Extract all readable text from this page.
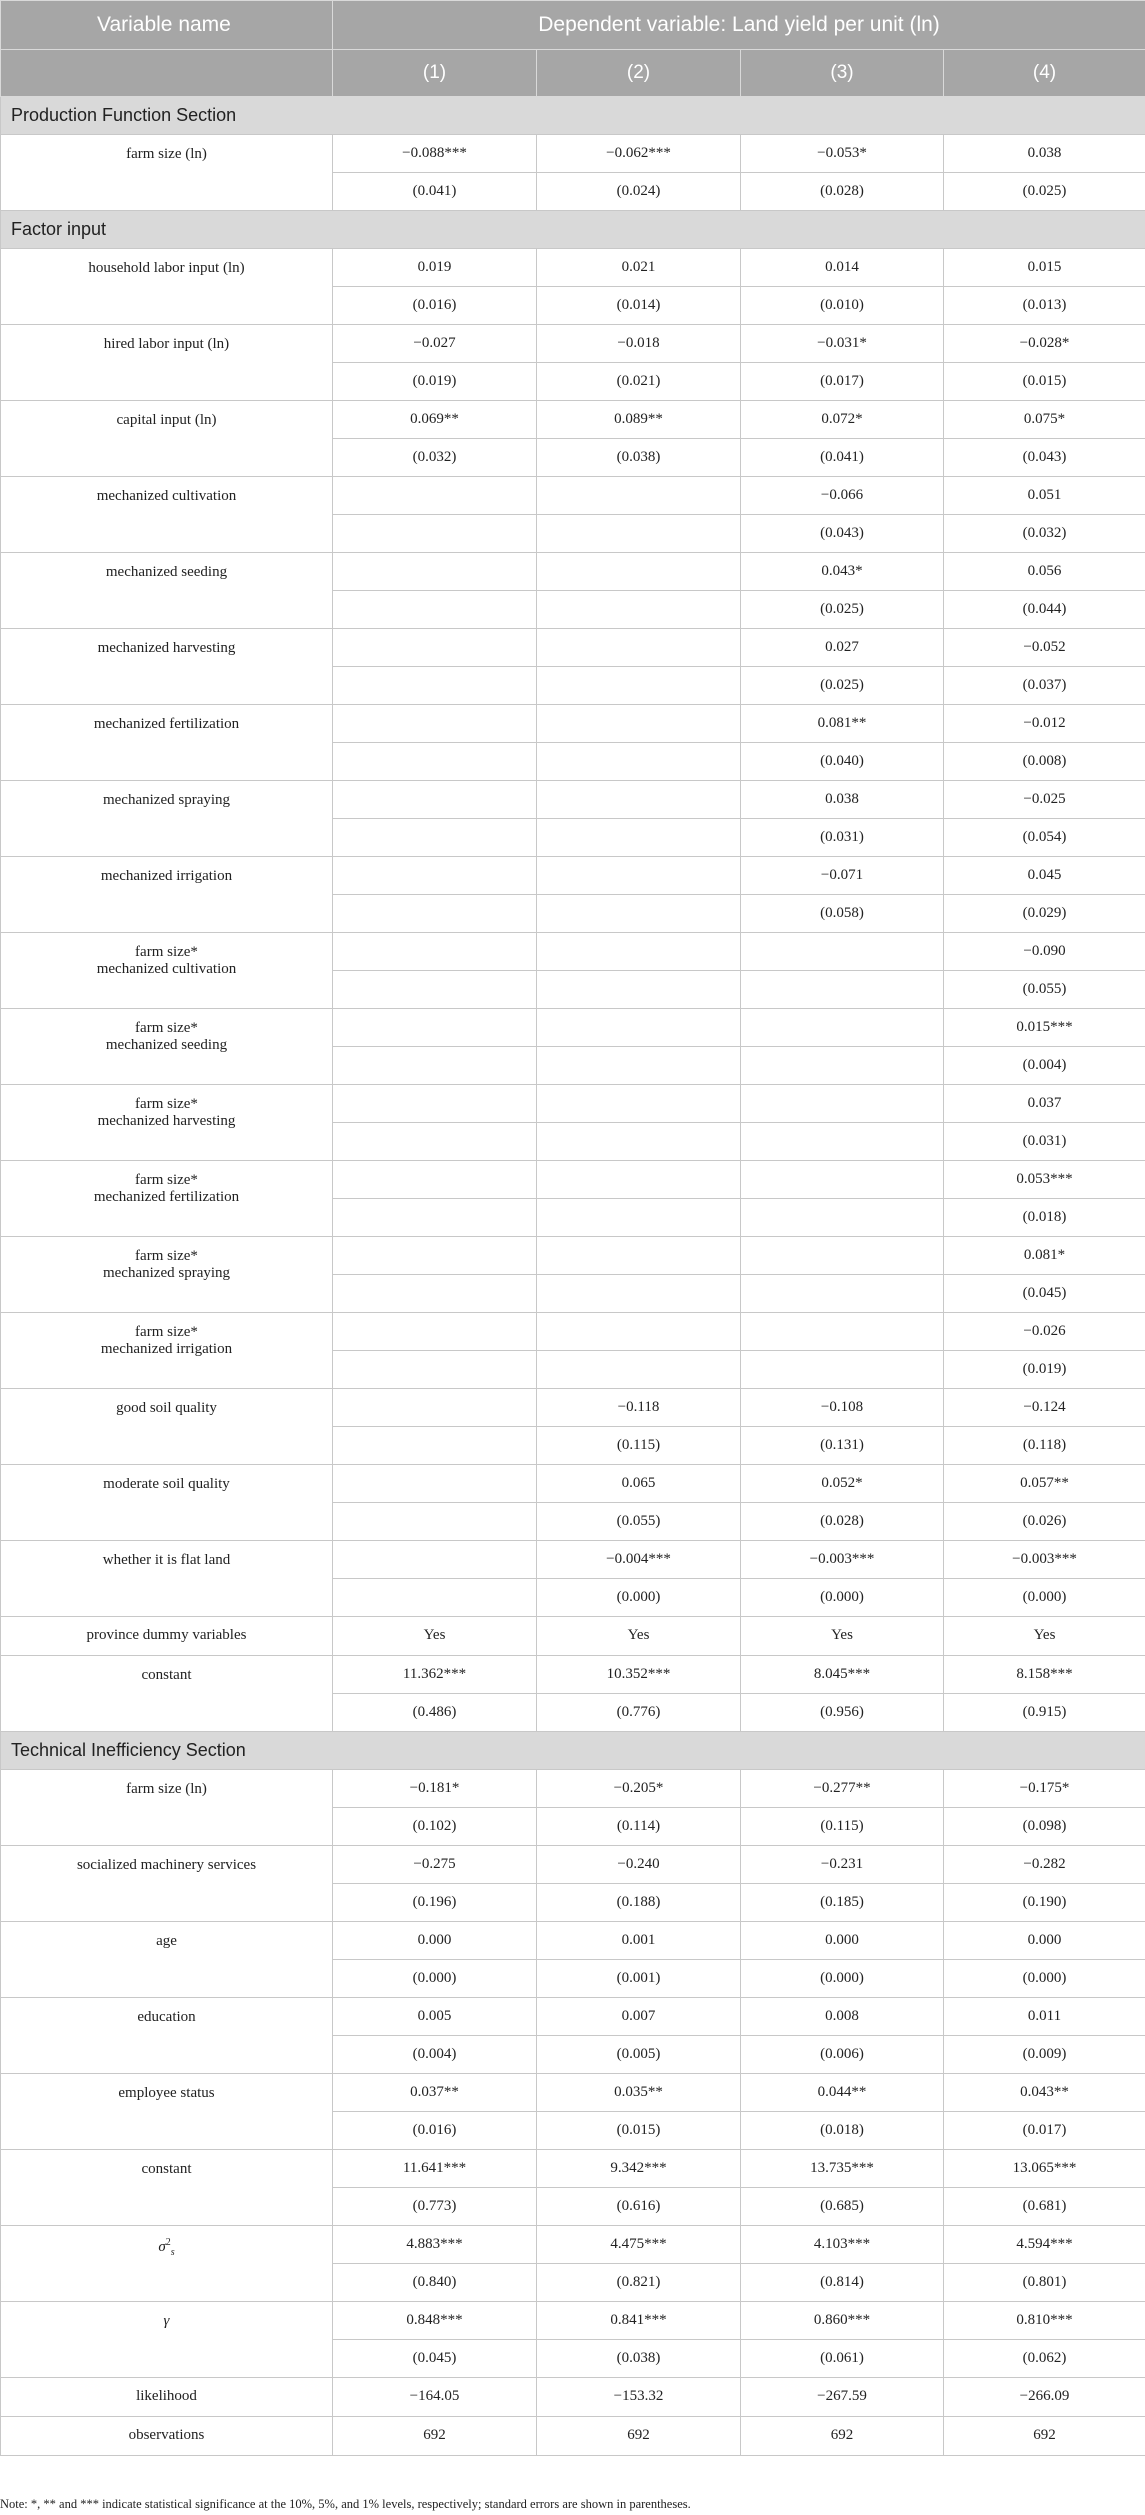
Variable name	Dependent variable: Land yield per unit (ln)			
	(1)	(2)	(3)	(4)
Production Function Section				

farm size (ln)	−0.088***	−0.062***	−0.053*	0.038
	(0.041)	(0.024)	(0.028)	(0.025)
Factor input				

household labor input (ln)	0.019	0.021	0.014	0.015
	(0.016)	(0.014)	(0.010)	(0.013)

hired labor input (ln)	−0.027	−0.018	−0.031*	−0.028*
	(0.019)	(0.021)	(0.017)	(0.015)

capital input (ln)	0.069**	0.089**	0.072*	0.075*
	(0.032)	(0.038)	(0.041)	(0.043)

mechanized cultivation			−0.066	0.051
			(0.043)	(0.032)

mechanized seeding			0.043*	0.056
			(0.025)	(0.044)

mechanized harvesting			0.027	−0.052
			(0.025)	(0.037)

mechanized fertilization			0.081**	−0.012
			(0.040)	(0.008)

mechanized spraying			0.038	−0.025
			(0.031)	(0.054)

mechanized irrigation			−0.071	0.045
			(0.058)	(0.029)

farm size*
mechanized cultivation				−0.090
				(0.055)

farm size*
mechanized seeding				0.015***
				(0.004)

farm size*
mechanized harvesting				0.037
				(0.031)

farm size*
mechanized fertilization				0.053***
				(0.018)

farm size*
mechanized spraying				0.081*
				(0.045)

farm size*
mechanized irrigation				−0.026
				(0.019)

good soil quality		−0.118	−0.108	−0.124
		(0.115)	(0.131)	(0.118)

moderate soil quality		0.065	0.052*	0.057**
		(0.055)	(0.028)	(0.026)

whether it is flat land		−0.004***	−0.003***	−0.003***
		(0.000)	(0.000)	(0.000)

province dummy variables	Yes	Yes	Yes	Yes

constant	11.362***	10.352***	8.045***	8.158***
	(0.486)	(0.776)	(0.956)	(0.915)
Technical Inefficiency Section				

farm size (ln)	−0.181*	−0.205*	−0.277**	−0.175*
	(0.102)	(0.114)	(0.115)	(0.098)

socialized machinery services	−0.275	−0.240	−0.231	−0.282
	(0.196)	(0.188)	(0.185)	(0.190)

age	0.000	0.001	0.000	0.000
	(0.000)	(0.001)	(0.000)	(0.000)

education	0.005	0.007	0.008	0.011
	(0.004)	(0.005)	(0.006)	(0.009)

employee status	0.037**	0.035**	0.044**	0.043**
	(0.016)	(0.015)	(0.018)	(0.017)

constant	11.641***	9.342***	13.735***	13.065***
	(0.773)	(0.616)	(0.685)	(0.681)

$\sigma^2_s$	4.883***	4.475***	4.103***	4.594***
	(0.840)	(0.821)	(0.814)	(0.801)

γ	0.848***	0.841***	0.860***	0.810***
	(0.045)	(0.038)	(0.061)	(0.062)

likelihood	−164.05	−153.32	−267.59	−266.09

observations	692	692	692	692
Note: *, ** and *** indicate statistical significance at the 10%, 5%, and 1% levels, respectively; standard errors are shown in parentheses.
